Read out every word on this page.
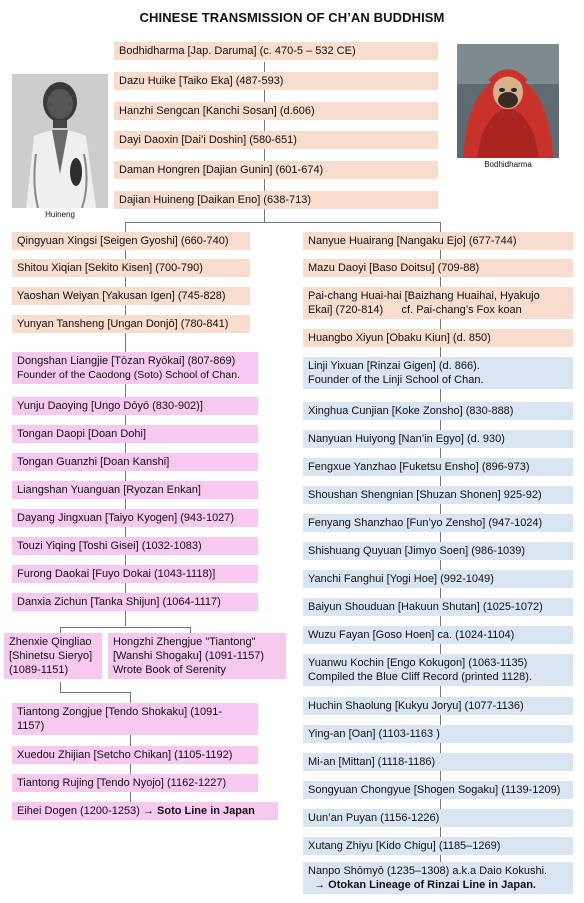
CHINESE TRANSMISSION OF CH’AN BUDDHISM
Huineng
Bodhidharma
Bodhidharma [Jap. Daruma] (c. 470-5 – 532 CE)
Dazu Huike [Taiko Eka] (487-593)
Hanzhi Sengcan [Kanchi Sosan] (d.606)
Dayi Daoxin [Dai’i Doshin] (580-651)
Daman Hongren [Dajian Gunin] (601-674)
Dajian Huineng [Daikan Eno] (638-713)
Qingyuan Xingsi [Seigen Gyoshi] (660-740)
Shitou Xiqian [Sekito Kisen] (700-790)
Yaoshan Weiyan [Yakusan Igen] (745-828)
Yunyan Tansheng [Ungan Donjō] (780-841)
Dongshan Liangjie [Tōzan Ryōkai] (807-869)
Founder of the Caodong (Soto) School of Chan.
Yunju Daoying [Ungo Dōyō (830-902)]
Tongan Daopi [Doan Dohi]
Tongan Guanzhi [Doan Kanshi]
Liangshan Yuanguan [Ryozan Enkan]
Dayang Jingxuan [Taiyo Kyogen] (943-1027)
Touzi Yiqing [Toshi Gisei] (1032-1083)
Furong Daokai [Fuyo Dokai (1043-1118)]
Danxia Zichun [Tanka Shijun] (1064-1117)
Zhenxie Qingliao
[Shinetsu Sieryo]
(1089-1151)
Hongzhi Zhengjue "Tiantong"
[Wanshi Shogaku] (1091-1157)
Wrote Book of Serenity
Tiantong Zongjue [Tendo Shokaku] (1091-
1157)
Xuedou Zhijian [Setcho Chikan] (1105-1192)
Tiantong Rujing [Tendo Nyojo] (1162-1227)
Eihei Dogen (1200-1253) → Soto Line in Japan
Nanyue Huairang [Nangaku Ejo] (677-744)
Mazu Daoyi [Baso Doitsu] (709-88)
Pai-chang Huai-hai [Baizhang Huaihai, Hyakujo
Ekai] (720-814)      cf. Pai-chang’s Fox koan
Huangbo Xiyun [Obaku Kiun] (d. 850)
Linji Yixuan [Rinzai Gigen] (d. 866).
Founder of the Linji School of Chan.
Xinghua Cunjian [Koke Zonsho] (830-888)
Nanyuan Huiyong [Nan’in Egyo] (d. 930)
Fengxue Yanzhao [Fuketsu Ensho] (896-973)
Shoushan Shengnian [Shuzan Shonen] 925-92)
Fenyang Shanzhao [Fun’yo Zensho] (947-1024)
Shishuang Quyuan [Jimyo Soen] (986-1039)
Yanchi Fanghui [Yogi Hoe] (992-1049)
Baiyun Shouduan [Hakuun Shutan] (1025-1072)
Wuzu Fayan [Goso Hoen] ca. (1024-1104)
Yuanwu Kochin [Engo Kokugon] (1063-1135)
Compiled the Blue Cliff Record (printed 1128).
Huchin Shaolung [Kukyu Joryu] (1077-1136)
Ying-an [Oan] (1103-1163 )
Mi-an [Mittan] (1118-1186)
Songyuan Chongyue [Shogen Sogaku] (1139-1209)
Uun’an Puyan (1156-1226)
Xutang Zhiyu [Kido Chigu] (1185–1269)
Nanpo Shōmyō (1235–1308) a.k.a Daio Kokushi.
→ Otokan Lineage of Rinzai Line in Japan.
